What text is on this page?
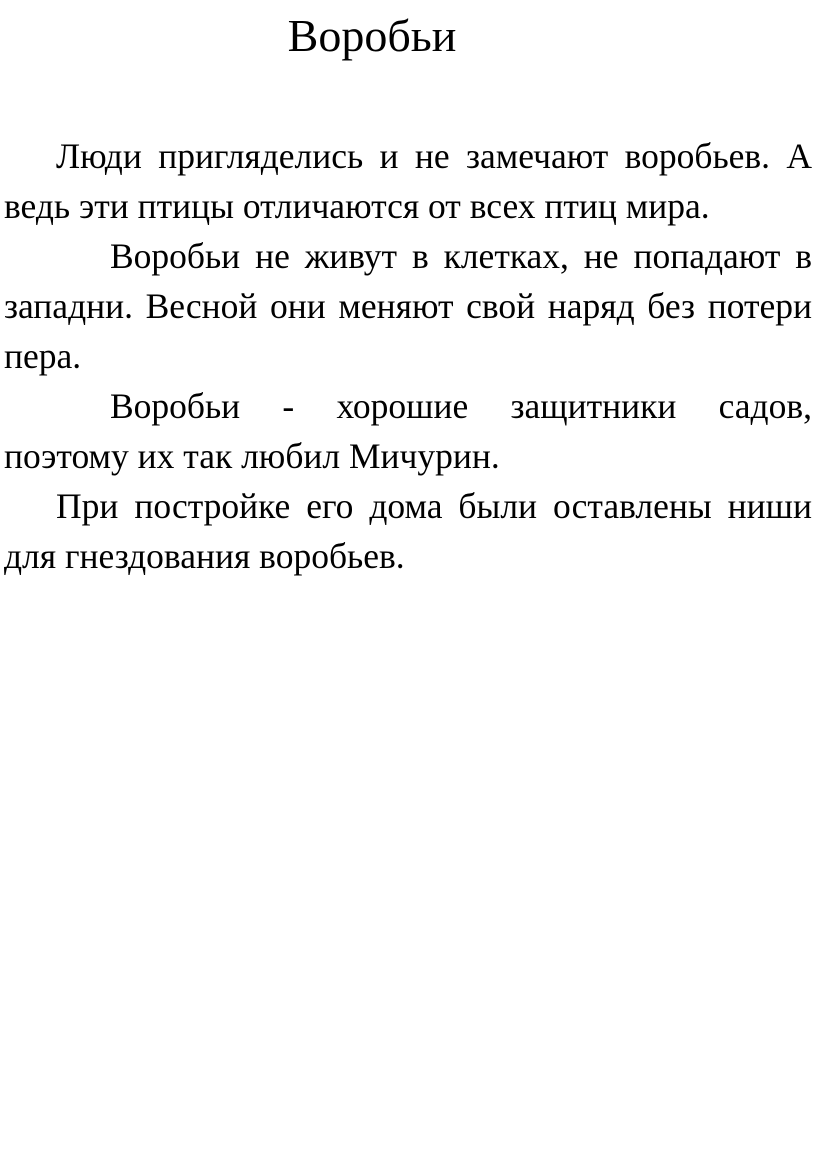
Воробьи

Люди пригляделись и не замечают воробьев. А ведь эти птицы отличаются от всех птиц мира.

Воробьи не живут в клетках, не попадают в западни. Весной они меняют свой наряд без потери пера.

Воробьи - хорошие защитники садов, поэтому их так любил Мичурин.

При постройке его дома были оставлены ниши для гнездования воробьев.
